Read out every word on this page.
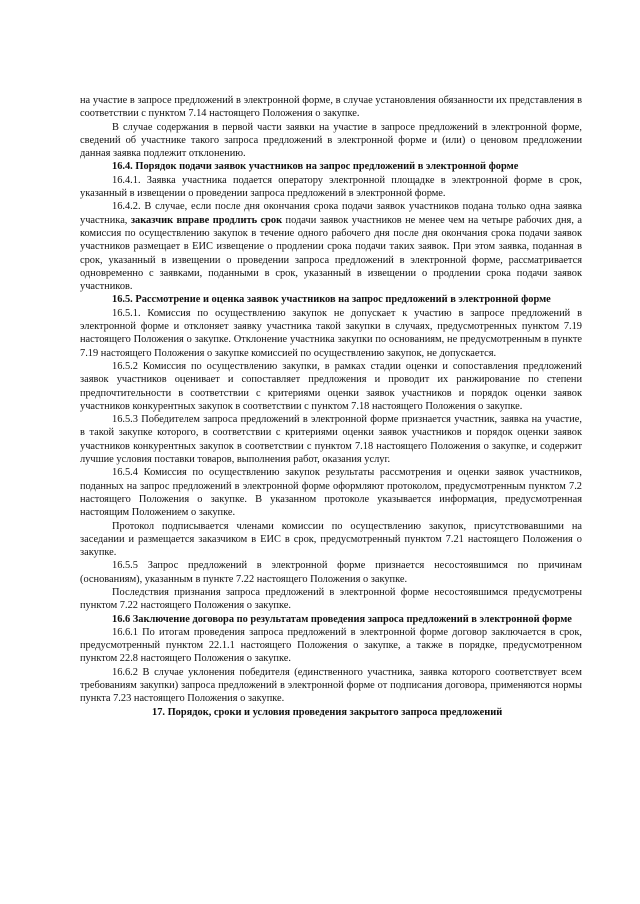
на участие в запросе предложений в электронной форме, в случае установления обязанности их представления в соответствии с пунктом 7.14 настоящего Положения о закупке.

В случае содержания в первой части заявки на участие в запросе предложений в электронной форме, сведений об участнике такого запроса предложений в электронной форме и (или) о ценовом предложении данная заявка подлежит отклонению.

16.4. Порядок подачи заявок участников на запрос предложений в электронной форме

16.4.1. Заявка участника подается оператору электронной площадке в электронной форме в срок, указанный в извещении о проведении запроса предложений в электронной форме.

16.4.2. В случае, если после дня окончания срока подачи заявок участников подана только одна заявка участника, заказчик вправе продлить срок подачи заявок участников не менее чем на четыре рабочих дня, а комиссия по осуществлению закупок в течение одного рабочего дня после дня окончания срока подачи заявок участников размещает в ЕИС извещение о продлении срока подачи таких заявок. При этом заявка, поданная в срок, указанный в извещении о проведении запроса предложений в электронной форме, рассматривается одновременно с заявками, поданными в срок, указанный в извещении о продлении срока подачи заявок участников.

16.5. Рассмотрение и оценка заявок участников на запрос предложений в электронной форме

16.5.1. Комиссия по осуществлению закупок не допускает к участию в запросе предложений в электронной форме и отклоняет заявку участника такой закупки в случаях, предусмотренных пунктом 7.19 настоящего Положения о закупке. Отклонение участника закупки по основаниям, не предусмотренным в пункте 7.19 настоящего Положения о закупке комиссией по осуществлению закупок, не допускается.

16.5.2 Комиссия по осуществлению закупки, в рамках стадии оценки и сопоставления предложений заявок участников оценивает и сопоставляет предложения и проводит их ранжирование по степени предпочтительности в соответствии с критериями оценки заявок участников и порядок оценки заявок участников конкурентных закупок в соответствии с пунктом 7.18 настоящего Положения о закупке.

16.5.3 Победителем запроса предложений в электронной форме признается участник, заявка на участие, в такой закупке которого, в соответствии с критериями оценки заявок участников и порядок оценки заявок участников конкурентных закупок в соответствии с пунктом 7.18 настоящего Положения о закупке, и содержит лучшие условия поставки товаров, выполнения работ, оказания услуг.

16.5.4 Комиссия по осуществлению закупок результаты рассмотрения и оценки заявок участников, поданных на запрос предложений в электронной форме оформляют протоколом, предусмотренным пунктом 7.2 настоящего Положения о закупке. В указанном протоколе указывается информация, предусмотренная настоящим Положением о закупке.

Протокол подписывается членами комиссии по осуществлению закупок, присутствовавшими на заседании и размещается заказчиком в ЕИС в срок, предусмотренный пунктом 7.21 настоящего Положения о закупке.

16.5.5 Запрос предложений в электронной форме признается несостоявшимся по причинам (основаниям), указанным в пункте 7.22 настоящего Положения о закупке.

Последствия признания запроса предложений в электронной форме несостоявшимся предусмотрены пунктом 7.22 настоящего Положения о закупке.

16.6 Заключение договора по результатам проведения запроса предложений в электронной форме

16.6.1 По итогам проведения запроса предложений в электронной форме договор заключается в срок, предусмотренный пунктом 22.1.1 настоящего Положения о закупке, а также в порядке, предусмотренном пунктом 22.8 настоящего Положения о закупке.

16.6.2 В случае уклонения победителя (единственного участника, заявка которого соответствует всем требованиям закупки) запроса предложений в электронной форме от подписания договора, применяются нормы пункта 7.23 настоящего Положения о закупке.

17. Порядок, сроки и условия проведения закрытого запроса предложений
